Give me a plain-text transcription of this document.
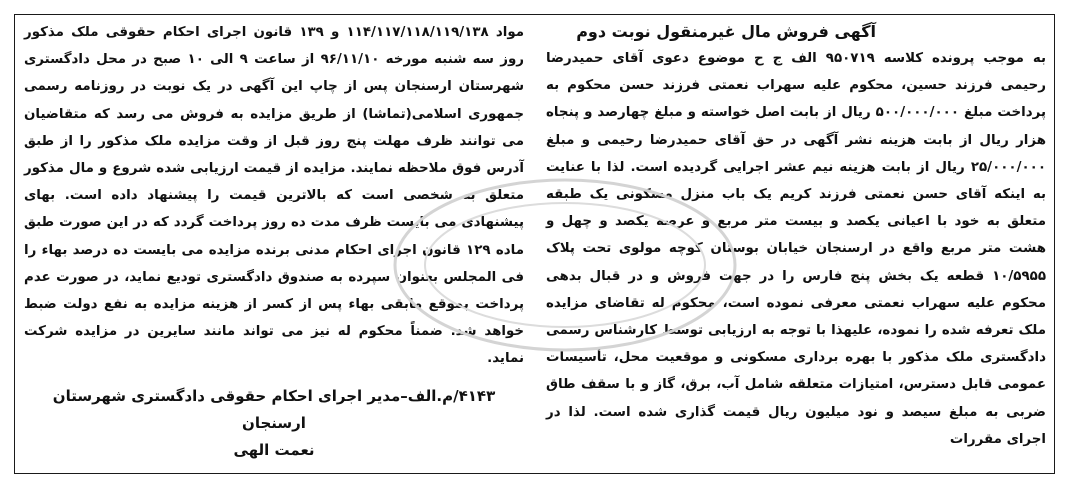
آگهی فروش مال غیرمنقول نوبت دوم

به موجب پرونده کلاسه ۹۵۰۷۱۹ الف ج ح موضوع دعوی آقای حمیدرضا رحیمی فرزند حسین، محکوم علیه سهراب نعمتی فرزند حسن محکوم به پرداخت مبلغ ۵۰۰/۰۰۰/۰۰۰ ریال از بابت اصل خواسته و مبلغ چهارصد و پنجاه هزار ریال از بابت هزینه نشر آگهی در حق آقای حمیدرضا رحیمی و مبلغ ۲۵/۰۰۰/۰۰۰ ریال از بابت هزینه نیم عشر اجرایی گردیده است. لذا با عنایت به اینکه آقای حسن نعمتی فرزند کریم یک باب منزل مسکونی یک طبقه متعلق به خود با اعیانی یکصد و بیست متر مربع و عرصه یکصد و چهل و هشت متر مربع واقع در ارسنجان خیابان بوستان کوچه مولوی تحت پلاک ۱۰/۵۹۵۵ قطعه یک بخش پنج فارس را در جهت فروش و در قبال بدهی محکوم علیه سهراب نعمتی معرفی نموده است، محکوم له تقاضای مزایده ملک تعرفه شده را نموده، علیهذا با توجه به ارزیابی توسط کارشناس رسمی دادگستری ملک مذکور با بهره برداری مسکونی و موقعیت محل، تأسیسات عمومی قابل دسترس، امتیازات متعلقه شامل آب، برق، گاز و با سقف طاق ضربی به مبلغ سیصد و نود میلیون ریال قیمت گذاری شده است. لذا در اجرای مقررات

مواد ۱۱۴/۱۱۷/۱۱۸/۱۱۹/۱۳۸ و ۱۳۹ قانون اجرای احکام حقوقی ملک مذکور روز سه شنبه مورخه ۹۶/۱۱/۱۰ از ساعت ۹ الی ۱۰ صبح در محل دادگستری شهرستان ارسنجان پس از چاپ این آگهی در یک نوبت در روزنامه رسمی جمهوری اسلامی(تماشا) از طریق مزایده به فروش می رسد که متقاضیان می توانند ظرف مهلت پنج روز قبل از وقت مزایده ملک مذکور را از طبق آدرس فوق ملاحظه نمایند. مزایده از قیمت ارزیابی شده شروع و مال مذکور متعلق به شخصی است که بالاترین قیمت را پیشنهاد داده است. بهای پیشنهادی می بایست ظرف مدت ده روز پرداخت گردد که در این صورت طبق ماده ۱۲۹ قانون اجرای احکام مدنی برنده مزایده می بایست ده درصد بهاء را فی المجلس بعنوان سپرده به صندوق دادگستری تودیع نماید، در صورت عدم پرداخت بموقع مابقی بهاء پس از کسر از هزینه مزایده به نفع دولت ضبط خواهد شد. ضمناً محکوم له نیز می تواند مانند سایرین در مزایده شرکت نماید.

۴۱۴۳/م.الف–مدیر اجرای احکام حقوقی دادگستری شهرستان ارسنجان

نعمت الهی
